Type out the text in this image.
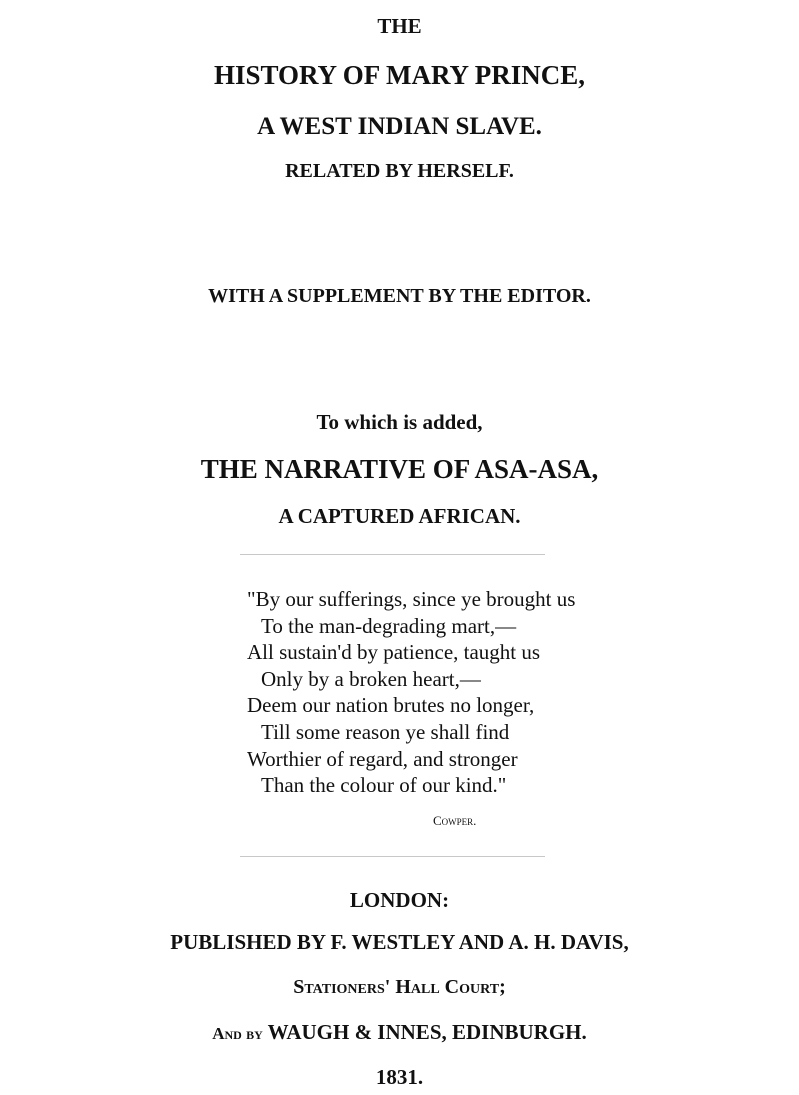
THE
HISTORY OF MARY PRINCE,
A WEST INDIAN SLAVE.
RELATED BY HERSELF.
WITH A SUPPLEMENT BY THE EDITOR.
To which is added,
THE NARRATIVE OF ASA-ASA,
A CAPTURED AFRICAN.
"By our sufferings, since ye brought us
To the man-degrading mart,—
All sustain'd by patience, taught us
Only by a broken heart,—
Deem our nation brutes no longer,
Till some reason ye shall find
Worthier of regard, and stronger
Than the colour of our kind."
Cowper.
LONDON:
PUBLISHED BY F. WESTLEY AND A. H. DAVIS,
Stationers' Hall Court;
And by WAUGH & INNES, EDINBURGH.
1831.
